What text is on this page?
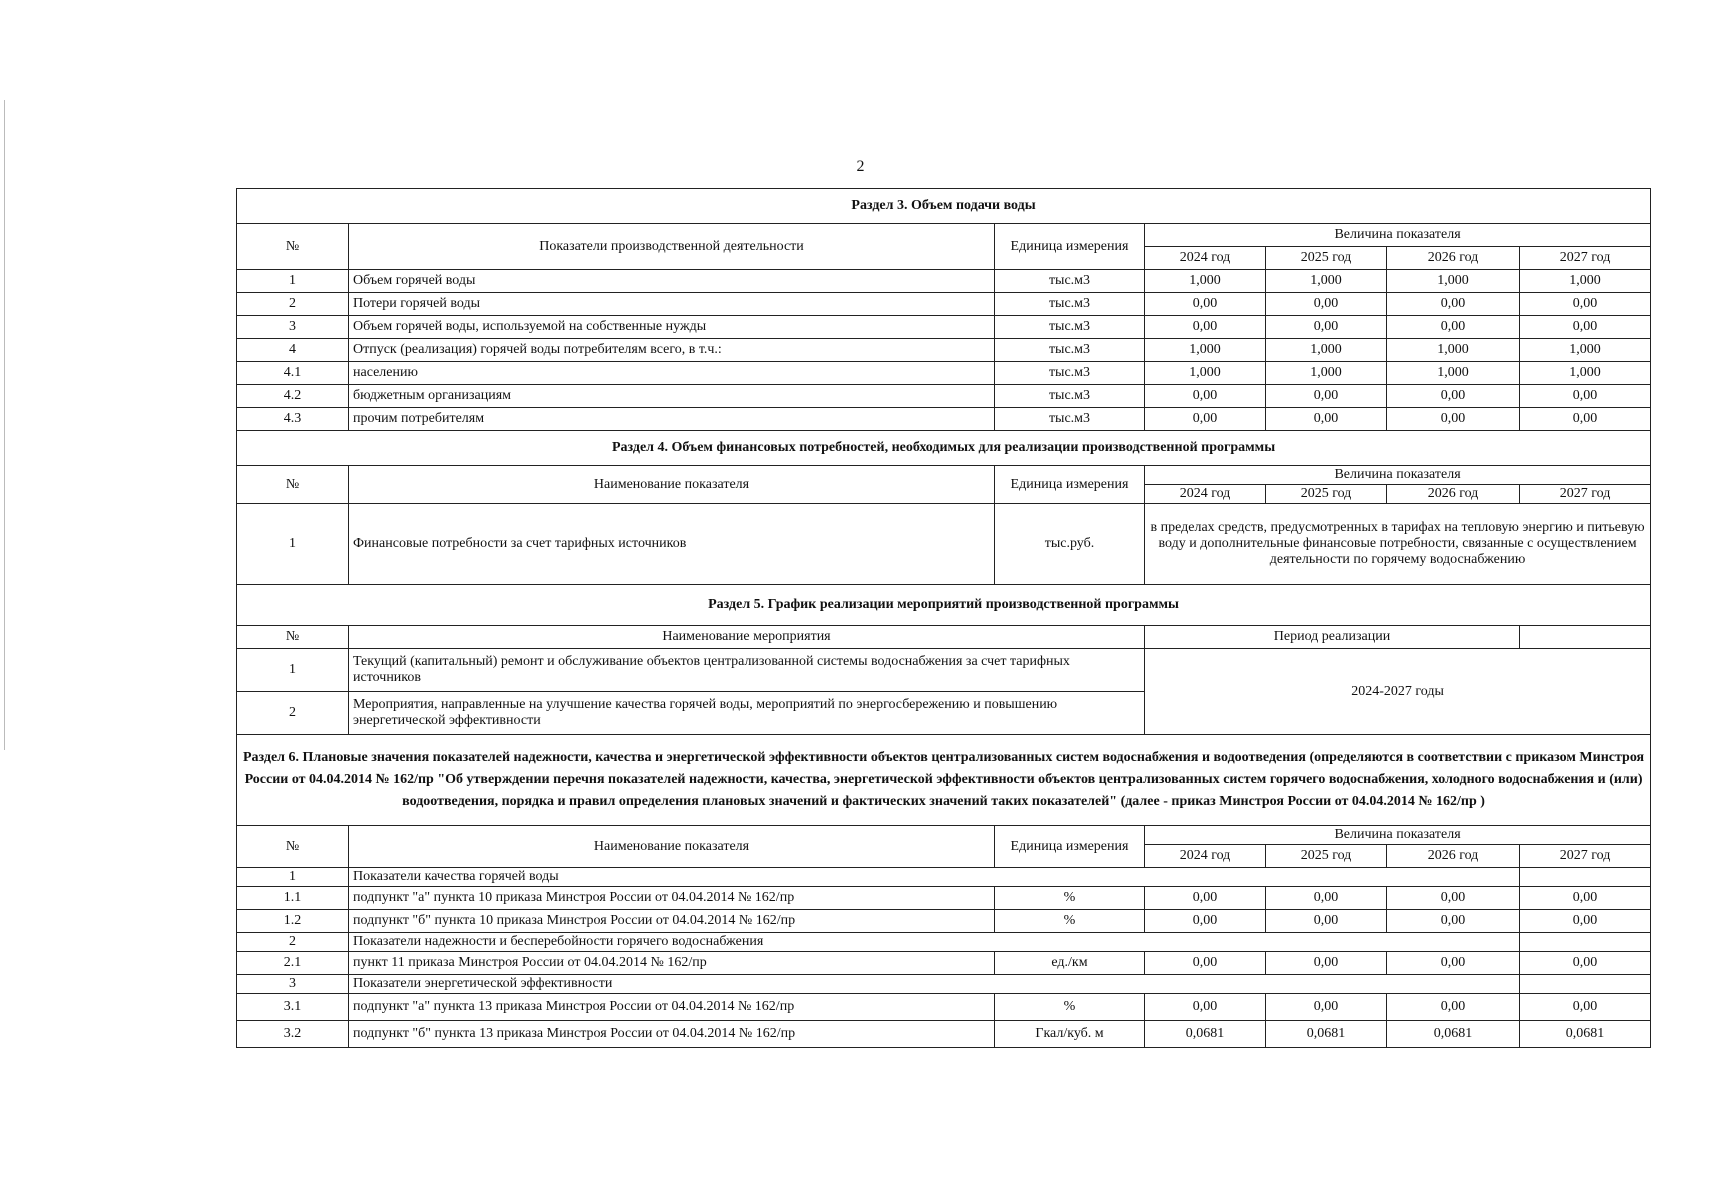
2
Раздел 3. Объем подачи воды						
№	Показатели производственной деятельности	Единица измерения	Величина показателя			
			2024 год	2025 год	2026 год	2027 год
1	Объем горячей воды	тыс.м3	1,000	1,000	1,000	1,000
2	Потери горячей воды	тыс.м3	0,00	0,00	0,00	0,00
3	Объем горячей воды, используемой на собственные нужды	тыс.м3	0,00	0,00	0,00	0,00
4	Отпуск (реализация) горячей воды потребителям всего, в т.ч.:	тыс.м3	1,000	1,000	1,000	1,000
4.1	населению	тыс.м3	1,000	1,000	1,000	1,000
4.2	бюджетным организациям	тыс.м3	0,00	0,00	0,00	0,00
4.3	прочим потребителям	тыс.м3	0,00	0,00	0,00	0,00
Раздел 4. Объем финансовых потребностей, необходимых для реализации производственной программы						
№	Наименование показателя	Единица измерения	Величина показателя			
			2024 год	2025 год	2026 год	2027 год
1	Финансовые потребности за счет тарифных источников	тыс.руб.	в пределах средств, предусмотренных в тарифах на тепловую энергию и питьевую воду и дополнительные финансовые потребности, связанные с осуществлением деятельности по горячему водоснабжению			
Раздел 5. График реализации мероприятий производственной программы						
№	Наименование мероприятия		Период реализации			
1	Текущий (капитальный) ремонт и обслуживание объектов централизованной системы водоснабжения за счет тарифных источников		2024-2027 годы			
2	Мероприятия, направленные на улучшение качества горячей воды, мероприятий по энергосбережению и повышению энергетической эффективности					
Раздел 6. Плановые значения показателей надежности, качества и энергетической эффективности объектов централизованных систем водоснабжения и водоотведения (определяются в соответствии с приказом Минстроя России от 04.04.2014 № 162/пр "Об утверждении перечня показателей надежности, качества, энергетической эффективности объектов централизованных систем горячего водоснабжения, холодного водоснабжения и (или) водоотведения, порядка и правил определения плановых значений и фактических значений таких показателей" (далее - приказ Минстроя России от 04.04.2014 № 162/пр )						
№	Наименование показателя	Единица измерения	Величина показателя			
			2024 год	2025 год	2026 год	2027 год
1	Показатели качества горячей воды					
1.1	подпункт "а" пункта 10 приказа Минстроя России от 04.04.2014 № 162/пр	%	0,00	0,00	0,00	0,00
1.2	подпункт "б" пункта 10 приказа Минстроя России от 04.04.2014 № 162/пр	%	0,00	0,00	0,00	0,00
2	Показатели надежности и бесперебойности горячего водоснабжения					
2.1	пункт 11 приказа Минстроя России от 04.04.2014 № 162/пр	ед./км	0,00	0,00	0,00	0,00
3	Показатели энергетической эффективности					
3.1	подпункт "а" пункта 13 приказа Минстроя России от 04.04.2014 № 162/пр	%	0,00	0,00	0,00	0,00
3.2	подпункт "б" пункта 13 приказа Минстроя России от 04.04.2014 № 162/пр	Гкал/куб. м	0,0681	0,0681	0,0681	0,0681
